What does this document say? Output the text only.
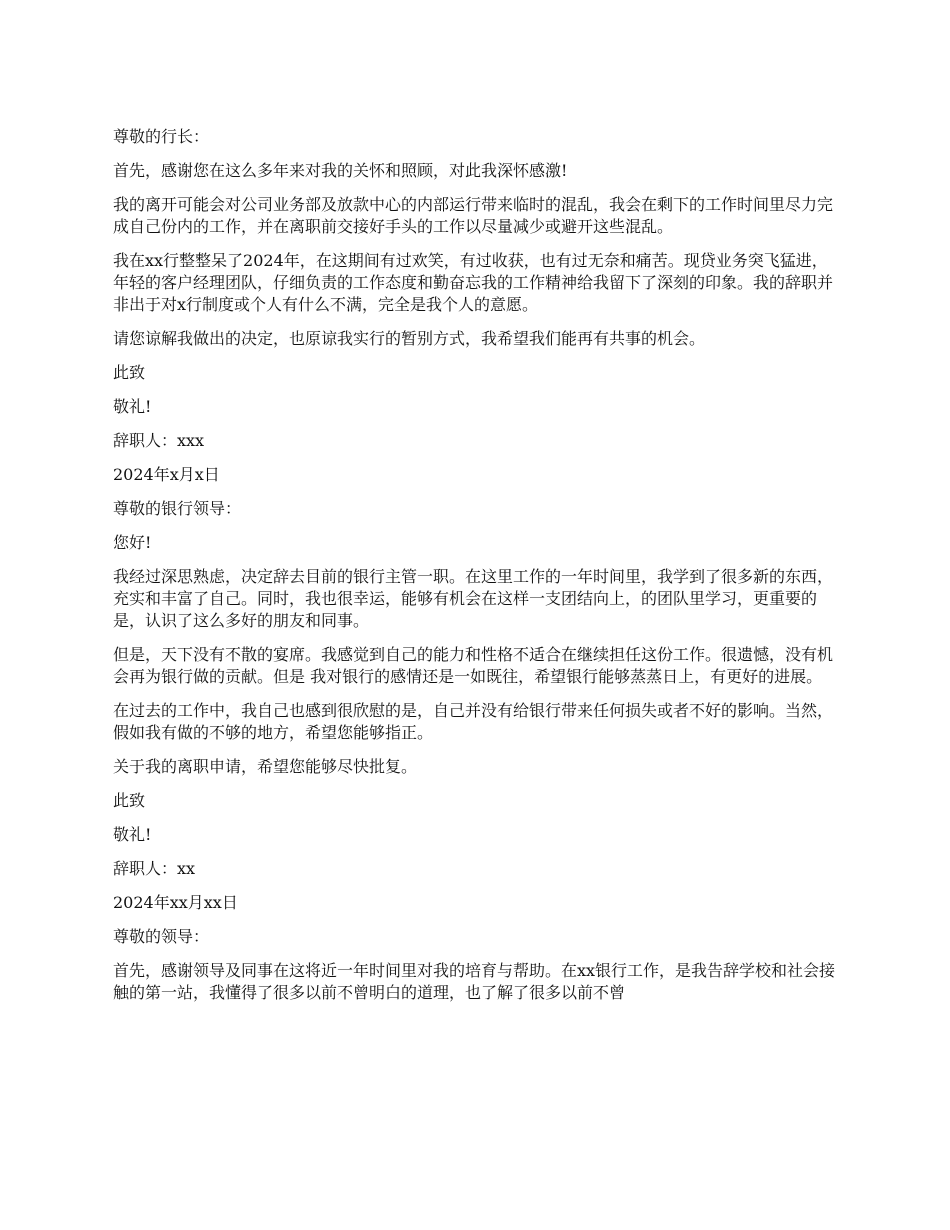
尊敬的行长：

首先，感谢您在这么多年来对我的关怀和照顾，对此我深怀感激!

我的离开可能会对公司业务部及放款中心的内部运行带来临时的混乱，我会在剩下的工作时间里尽力完成自己份内的工作，并在离职前交接好手头的工作以尽量减少或避开这些混乱。

我在xx行整整呆了2024年，在这期间有过欢笑，有过收获，也有过无奈和痛苦。现贷业务突飞猛进，年轻的客户经理团队，仔细负责的工作态度和勤奋忘我的工作精神给我留下了深刻的印象。我的辞职并非出于对x行制度或个人有什么不满，完全是我个人的意愿。

请您谅解我做出的决定，也原谅我实行的暂别方式，我希望我们能再有共事的机会。

此致

敬礼!

辞职人：xxx

2024年x月x日

尊敬的银行领导：

您好!

我经过深思熟虑，决定辞去目前的银行主管一职。在这里工作的一年时间里，我学到了很多新的东西，充实和丰富了自己。同时，我也很幸运，能够有机会在这样一支团结向上，的团队里学习，更重要的是，认识了这么多好的朋友和同事。

但是，天下没有不散的宴席。我感觉到自己的能力和性格不适合在继续担任这份工作。很遗憾，没有机会再为银行做的贡献。但是 我对银行的感情还是一如既往，希望银行能够蒸蒸日上，有更好的进展。

在过去的工作中，我自己也感到很欣慰的是，自己并没有给银行带来任何损失或者不好的影响。当然，假如我有做的不够的地方，希望您能够指正。

关于我的离职申请，希望您能够尽快批复。

此致

敬礼!

辞职人：xx

2024年xx月xx日

尊敬的领导：

首先，感谢领导及同事在这将近一年时间里对我的培育与帮助。在xx银行工作，是我告辞学校和社会接触的第一站，我懂得了很多以前不曾明白的道理，也了解了很多以前不曾
